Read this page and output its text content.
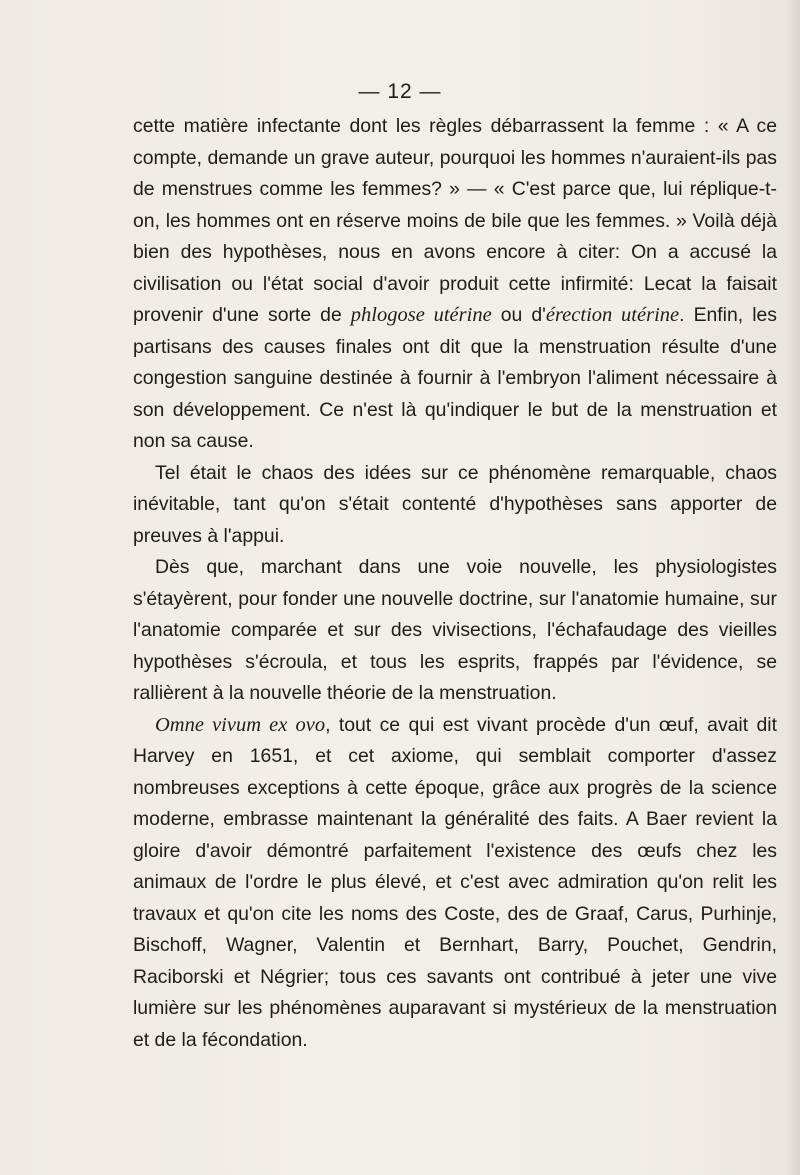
— 12 —

cette matière infectante dont les règles débarrassent la femme : « A ce compte, demande un grave auteur, pourquoi les hommes n'auraient-ils pas de menstrues comme les femmes? » — « C'est parce que, lui réplique-t-on, les hommes ont en réserve moins de bile que les femmes. » Voilà déjà bien des hypothèses, nous en avons encore à citer: On a accusé la civilisation ou l'état social d'avoir produit cette infirmité: Lecat la faisait provenir d'une sorte de phlogose utérine ou d'érection utérine. Enfin, les partisans des causes finales ont dit que la menstruation résulte d'une congestion sanguine destinée à fournir à l'embryon l'aliment nécessaire à son développement. Ce n'est là qu'indiquer le but de la menstruation et non sa cause.

Tel était le chaos des idées sur ce phénomène remarquable, chaos inévitable, tant qu'on s'était contenté d'hypothèses sans apporter de preuves à l'appui.

Dès que, marchant dans une voie nouvelle, les physiologistes s'étayèrent, pour fonder une nouvelle doctrine, sur l'anatomie humaine, sur l'anatomie comparée et sur des vivisections, l'échafaudage des vieilles hypothèses s'écroula, et tous les esprits, frappés par l'évidence, se rallièrent à la nouvelle théorie de la menstruation.

Omne vivum ex ovo, tout ce qui est vivant procède d'un œuf, avait dit Harvey en 1651, et cet axiome, qui semblait comporter d'assez nombreuses exceptions à cette époque, grâce aux progrès de la science moderne, embrasse maintenant la généralité des faits. A Baer revient la gloire d'avoir démontré parfaitement l'existence des œufs chez les animaux de l'ordre le plus élevé, et c'est avec admiration qu'on relit les travaux et qu'on cite les noms des Coste, des de Graaf, Carus, Purhinje, Bischoff, Wagner, Valentin et Bernhart, Barry, Pouchet, Gendrin, Raciborski et Négrier; tous ces savants ont contribué à jeter une vive lumière sur les phénomènes auparavant si mystérieux de la menstruation et de la fécondation.
